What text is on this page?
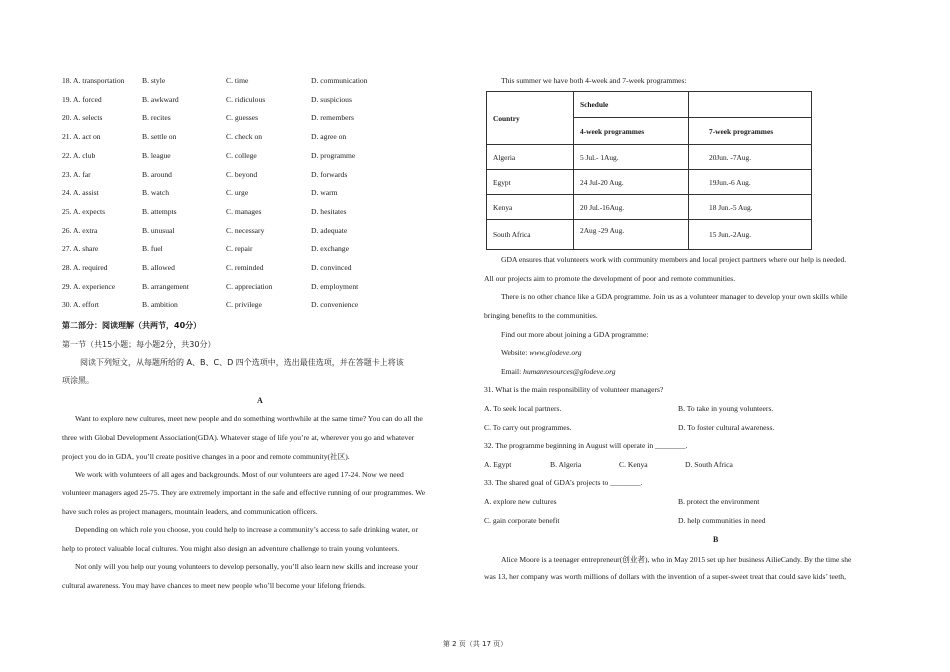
18. A. transportation B. style	C. time	D. communication
19. A. forced	B. awkward	C. ridiculous	D. suspicious
20. A. selects	B. recites	C. guesses	D. remembers
21. A. act on	B. settle on	C. check on	D. agree on
22. A. club	B. league	C. college	D. programme
23. A. far	B. around	C. beyond	D. forwards
24. A. assist	B. watch	C. urge	D. warm
25. A. expects	B. attempts	C. manages	D. hesitates
26. A. extra	B. unusual	C. necessary	D. adequate
27. A. share	B. fuel	C. repair	D. exchange
28. A. required	B. allowed	C. reminded	D. convinced
29. A. experience	B. arrangement	C. appreciation	D. employment
30. A. effort	B. ambition	C. privilege	D. convenience
第二部分：阅读理解（共两节，40分）
第一节（共15小题；每小题2分，共30分）
阅读下列短文，从每题所给的 A、B、C、D 四个选项中，选出最佳选项，并在答题卡上将该
项涂黑。
A
Want to explore new cultures, meet new people and do something worthwhile at the same time? You can do all the
three with Global Development Association(GDA). Whatever stage of life you’re at, wherever you go and whatever
project you do in GDA, you’ll create positive changes in a poor and remote community(社区).
We work with volunteers of all ages and backgrounds. Most of our volunteers are aged 17-24. Now we need
volunteer managers aged 25-75. They are extremely important in the safe and effective running of our programmes. We
have such roles as project managers, mountain leaders, and communication officers.
Depending on which role you choose, you could help to increase a community’s access to safe drinking water, or
help to protect valuable local cultures. You might also design an adventure challenge to train young volunteers.
Not only will you help our young volunteers to develop personally, you’ll also learn new skills and increase your
cultural awareness. You may have chances to meet new people who’ll become your lifelong friends.
This summer we have both 4-week and 7-week programmes:
Country	Schedule	
	4-week programmes	7-week programmes
Algeria	5 Jul.- 1Aug.	20Jun. -7Aug.
Egypt	24 Jul-20 Aug.	19Jun.-6 Aug.
Kenya	20 Jul.-16Aug.	18 Jun.-5 Aug.
South Africa	2Aug -29 Aug.	15 Jun.-2Aug.
GDA ensures that volunteers work with community members and local project partners where our help is needed.
All our projects aim to promote the development of poor and remote communities.
There is no other chance like a GDA programme. Join us as a volunteer manager to develop your own skills while
bringing benefits to the communities.
Find out more about joining a GDA programme:
Website: www.glodeve.org
Email: humanresources@glodeve.org
31. What is the main responsibility of volunteer managers?
A. To seek local partners.	B. To take in young volunteers.
C. To carry out programmes.	D. To foster cultural awareness.
32. The programme beginning in August will operate in ________.
A. Egypt	B. Algeria	C. Kenya	D. South Africa
33. The shared goal of GDA’s projects to ________.
A. explore new cultures	B. protect the environment
C. gain corporate benefit	D. help communities in need
B
Alice Moore is a teenager entrepreneur(创业者), who in May 2015 set up her business AilieCandy. By the time she
was 13, her company was worth millions of dollars with the invention of a super-sweet treat that could save kids’ teeth,
第 2 页（共 17 页）
